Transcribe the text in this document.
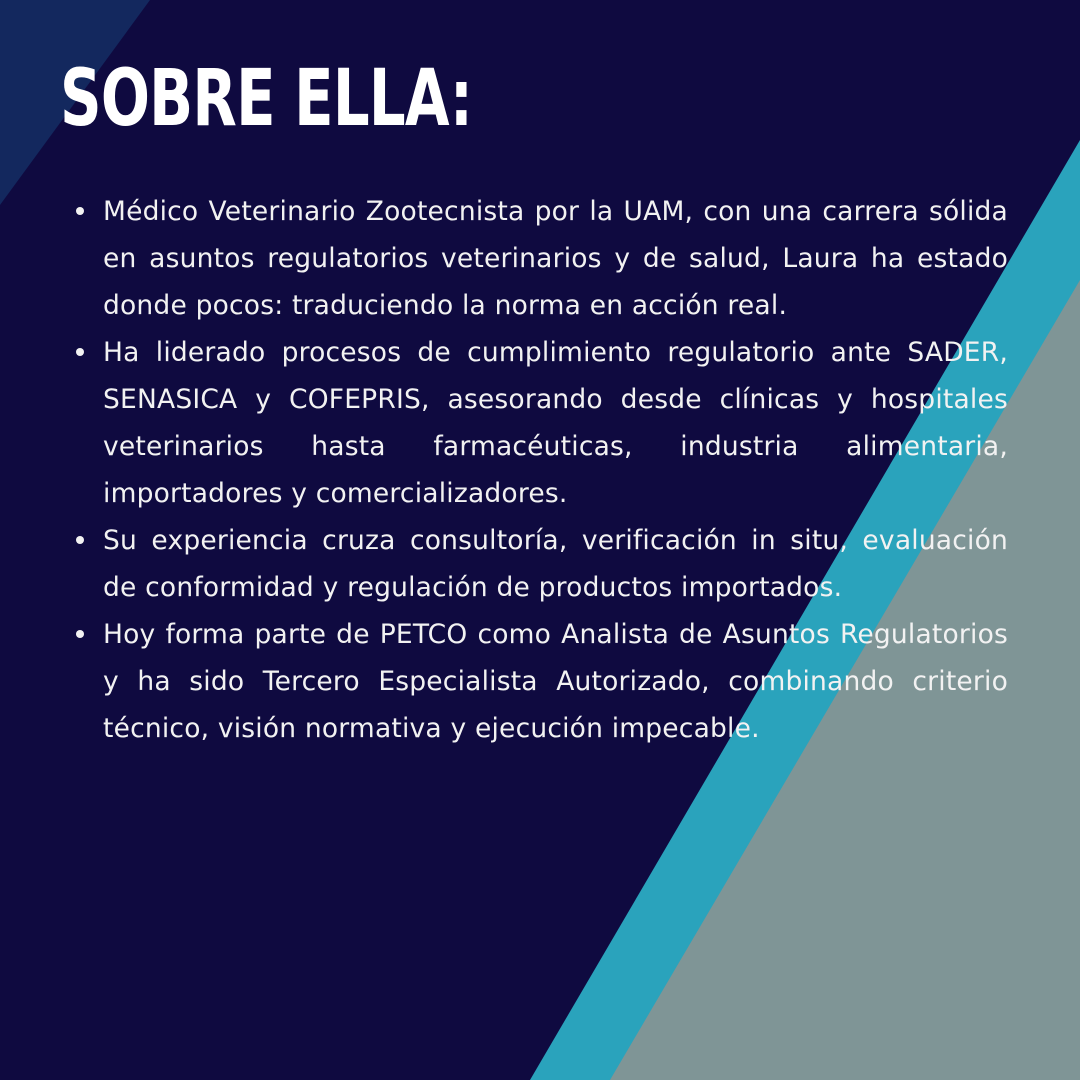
SOBRE ELLA:
Médico Veterinario Zootecnista por la UAM, con una carrera sólida en asuntos regulatorios veterinarios y de salud, Laura ha estado donde pocos: traduciendo la norma en acción real.
Ha liderado procesos de cumplimiento regulatorio ante SADER, SENASICA y COFEPRIS, asesorando desde clínicas y hospitales veterinarios hasta farmacéuticas, industria alimentaria, importadores y comercializadores.
Su experiencia cruza consultoría, verificación in situ, evaluación de conformidad y regulación de productos importados.
Hoy forma parte de PETCO como Analista de Asuntos Regulatorios y ha sido Tercero Especialista Autorizado, combinando criterio técnico, visión normativa y ejecución impecable.
